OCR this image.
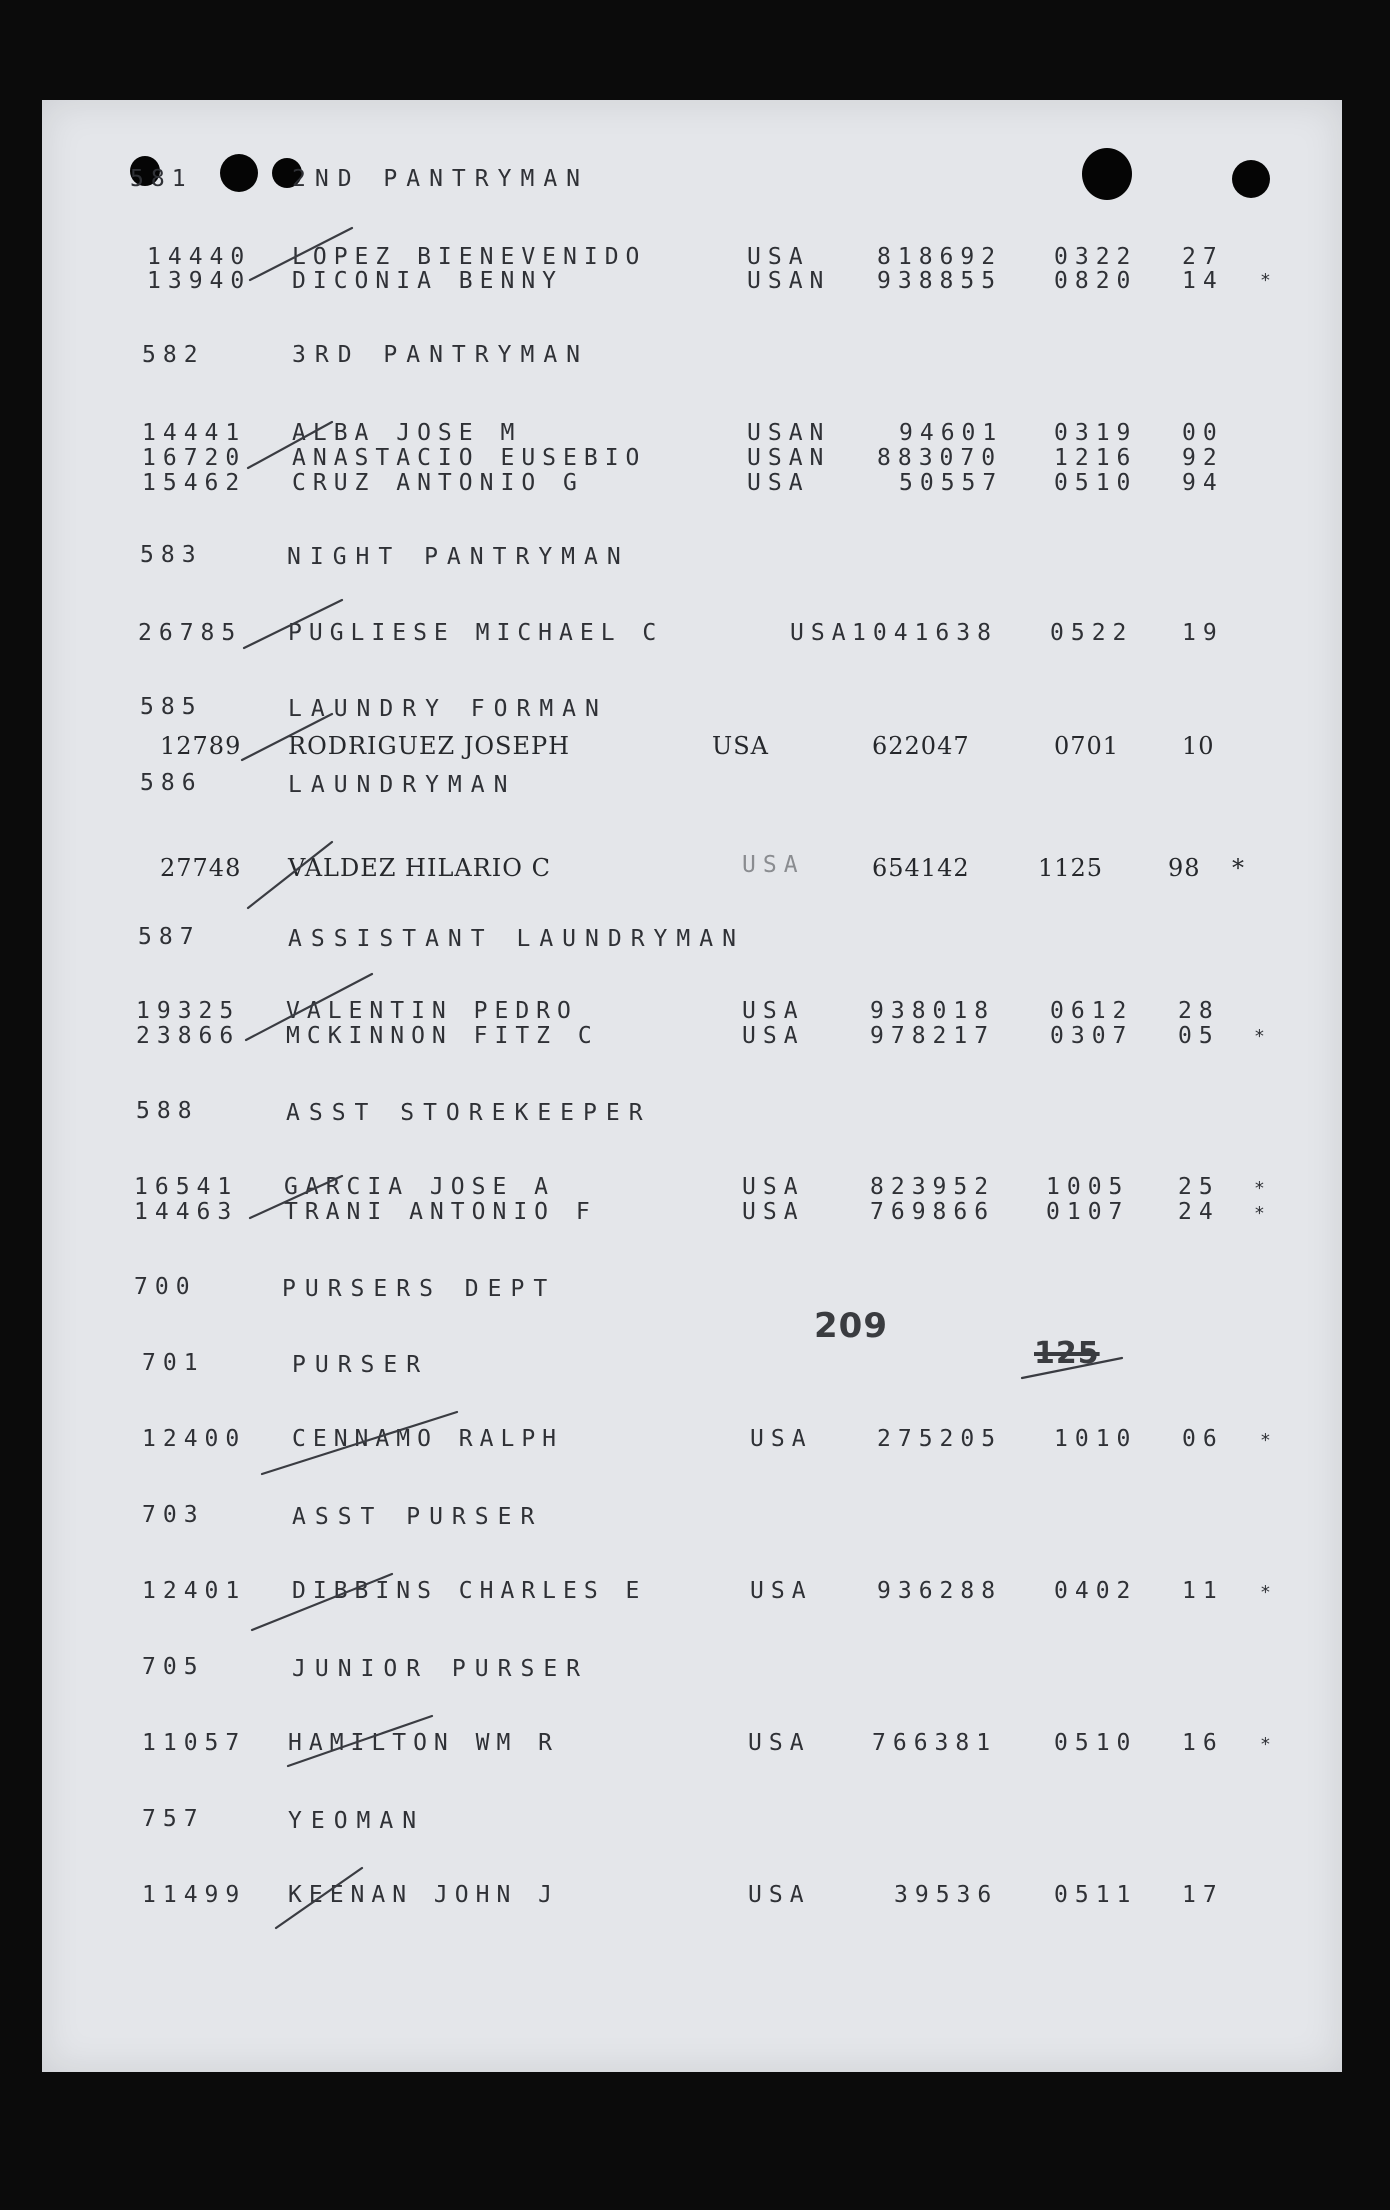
581	2ND PANTRYMAN
14440 LOPEZ BIENEVENIDO	USA	818692 0322 27
13940 DICONIA BENNY	USAN 938855 0820 14 *
582	3RD PANTRYMAN
14441 ALBA JOSE M	USAN	94601 0319 00
16720 ANASTACIO EUSEBIO	USAN 883070 1216 92
15462 CRUZ ANTONIO G	USA	50557 0510 94
583	NIGHT PANTRYMAN
26785 PUGLIESE MICHAEL C	USA 1041638 0522 19
585	LAUNDRY FORMAN
12789 RODRIGUEZ JOSEPH	USA	622047	0701	10
586	LAUNDRYMAN
27748 VALDEZ HILARIO C	USA	654142	1125	98 *
587	ASSISTANT LAUNDRYMAN
19325 VALENTIN PEDRO	USA	938018 0612 28
23866 MCKINNON FITZ C	USA	978217 0307 05 *
588	ASST STOREKEEPER
16541 GARCIA JOSE A	USA	823952 1005 25 *
14463 TRANI ANTONIO F	USA	769866 0107 24 *
700	PURSERS DEPT
209
125
701	PURSER
12400 CENNAMO RALPH	USA	275205 1010 06 *
703	ASST PURSER
12401 DIBBINS CHARLES E	USA	936288 0402 11 *
705	JUNIOR PURSER
11057 HAMILTON WM R	USA	766381 0510 16 *
757	YEOMAN
11499 KEENAN JOHN J	USA	39536 0511 17
